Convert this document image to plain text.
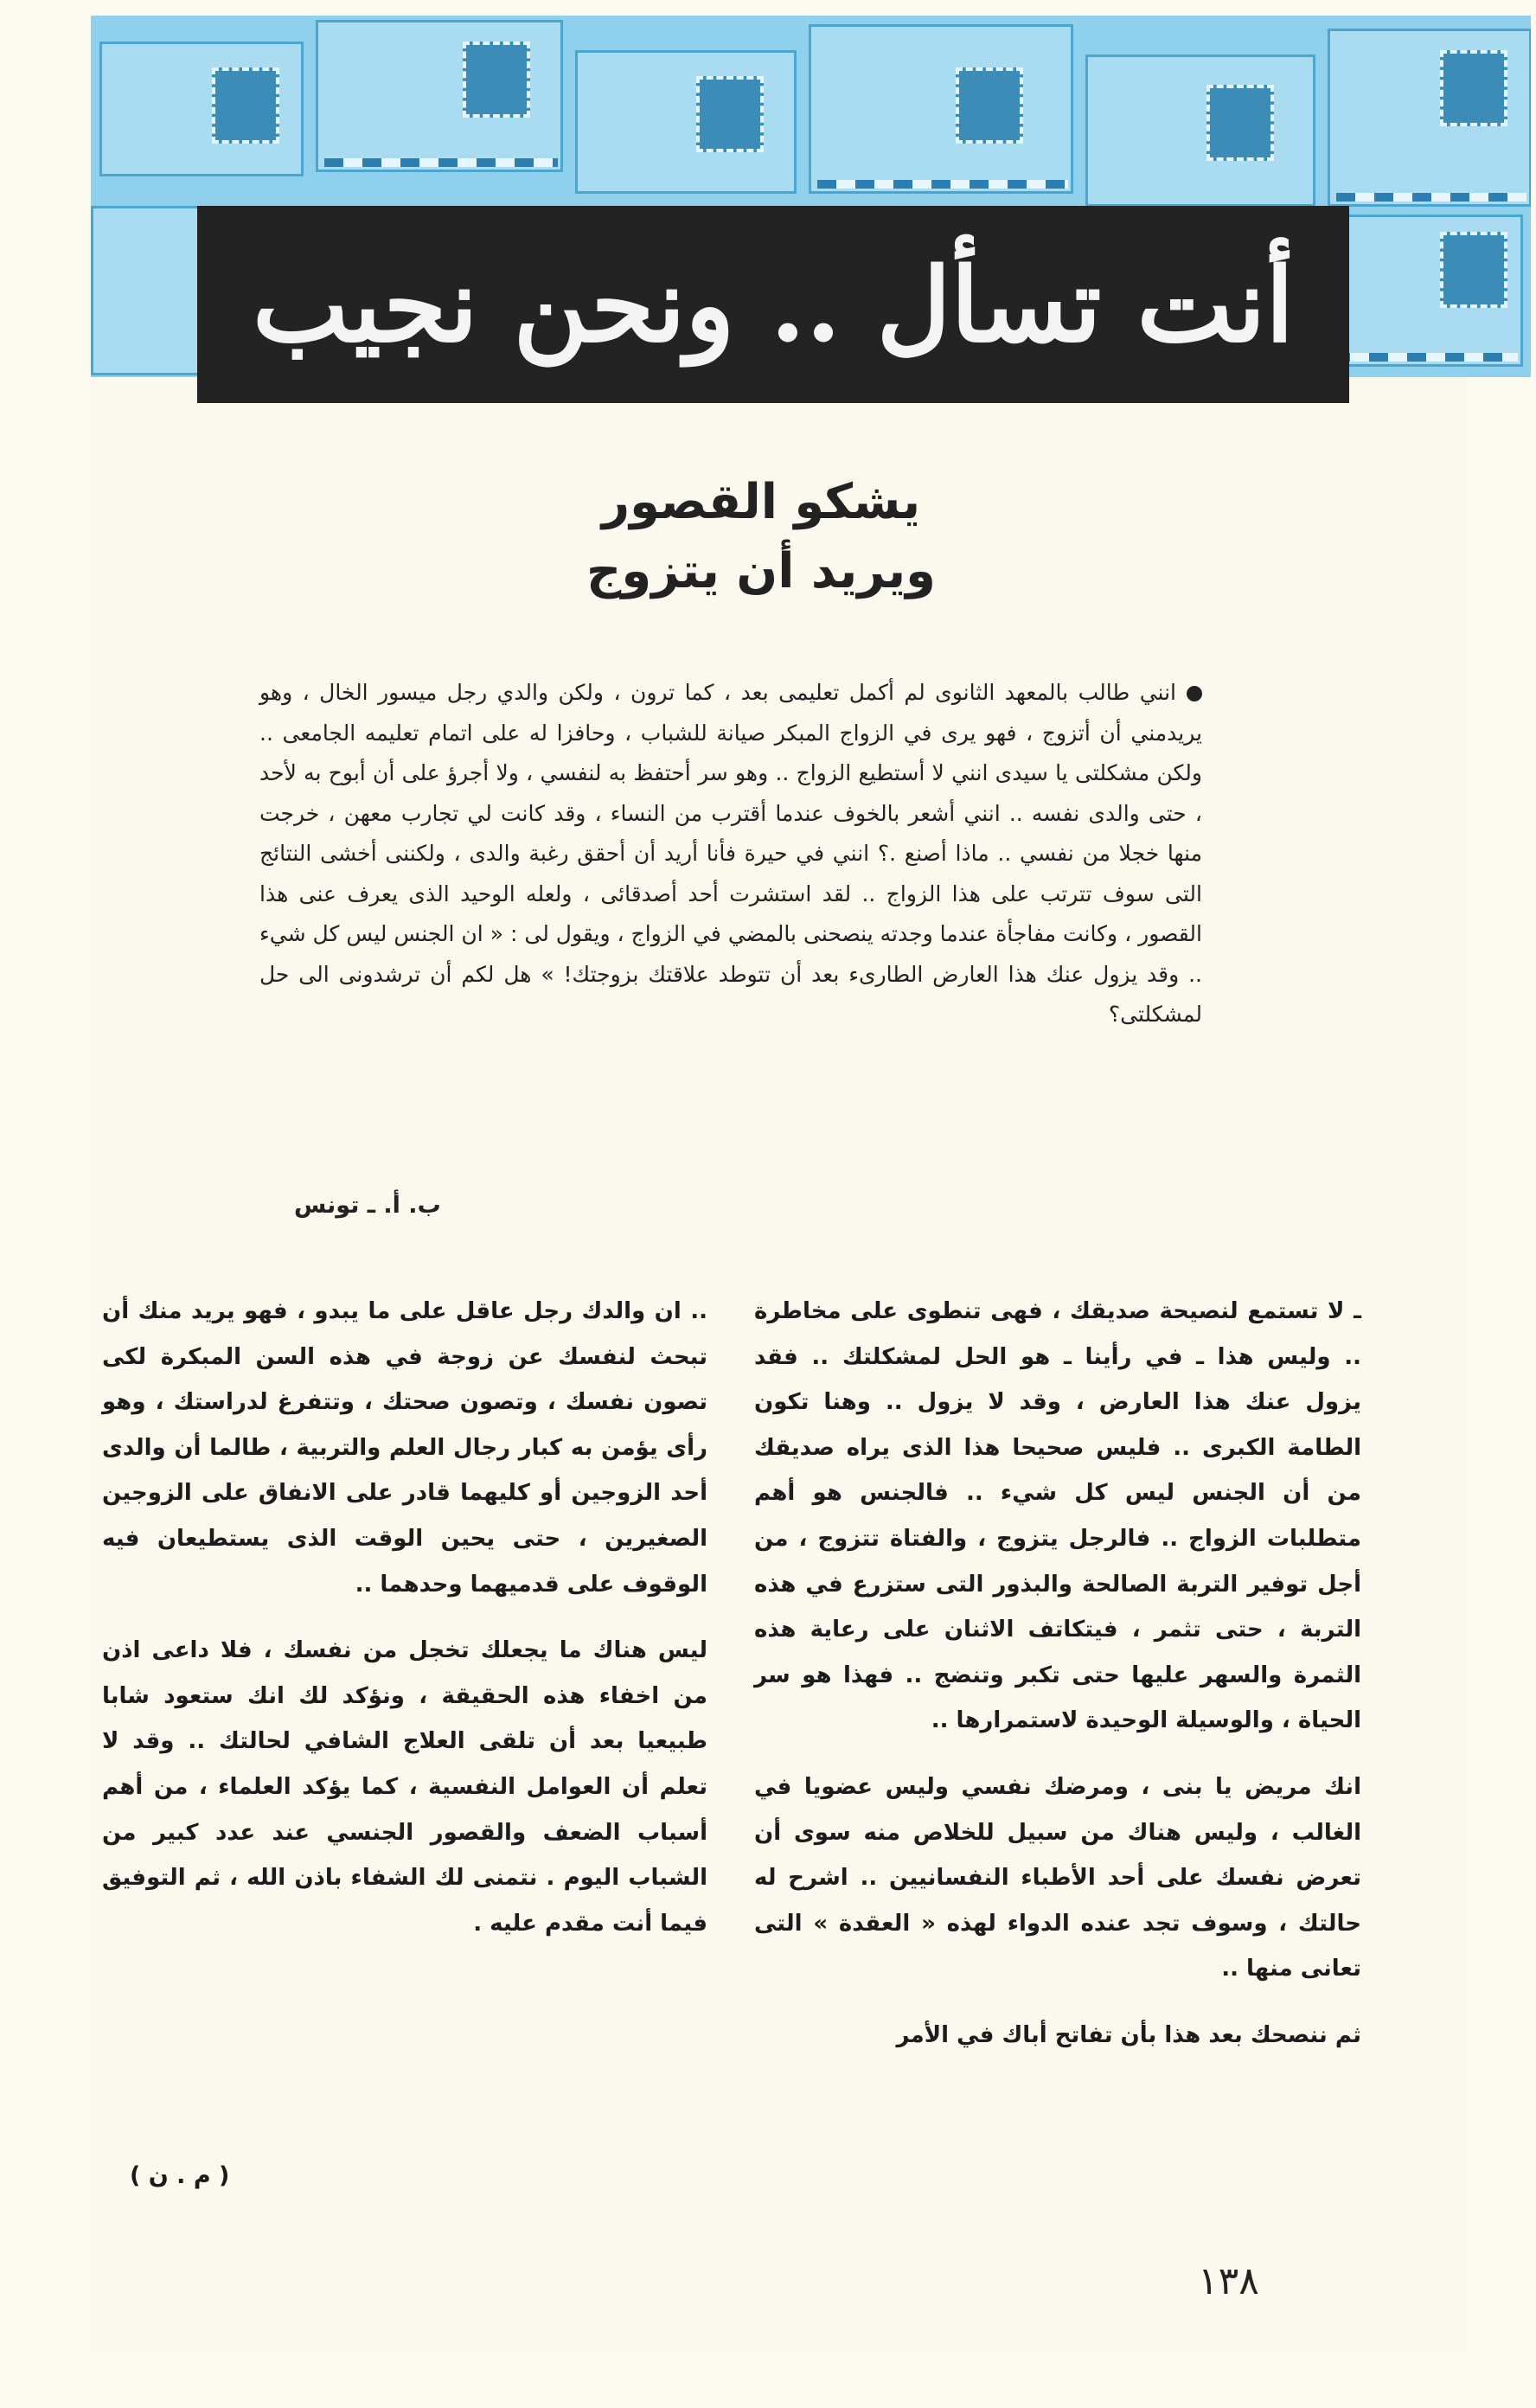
أنت تسأل .. ونحن نجيب
يشكو القصور
ويريد أن يتزوج
انني طالب بالمعهد الثانوى لم أكمل تعليمى بعد ، كما ترون ، ولكن والدي رجل ميسور الخال ، وهو يريدمني أن أتزوج ، فهو يرى في الزواج المبكر صيانة للشباب ، وحافزا له على اتمام تعليمه الجامعى .. ولكن مشكلتى يا سيدى انني لا أستطيع الزواج .. وهو سر أحتفظ به لنفسي ، ولا أجرؤ على أن أبوح به لأحد ، حتى والدى نفسه .. انني أشعر بالخوف عندما أقترب من النساء ، وقد كانت لي تجارب معهن ، خرجت منها خجلا من نفسي .. ماذا أصنع .؟ انني في حيرة فأنا أريد أن أحقق رغبة والدى ، ولكننى أخشى النتائج التى سوف تترتب على هذا الزواج .. لقد استشرت أحد أصدقائى ، ولعله الوحيد الذى يعرف عنى هذا القصور ، وكانت مفاجأة عندما وجدته ينصحنى بالمضي في الزواج ، ويقول لى : « ان الجنس ليس كل شيء .. وقد يزول عنك هذا العارض الطارىء بعد أن تتوطد علاقتك بزوجتك! » هل لكم أن ترشدونى الى حل لمشكلتى؟
ب. أ. ـ تونس

ـ لا تستمع لنصيحة صديقك ، فهى تنطوى على مخاطرة .. وليس هذا ـ في رأينا ـ هو الحل لمشكلتك .. فقد يزول عنك هذا العارض ، وقد لا يزول .. وهنا تكون الطامة الكبرى .. فليس صحيحا هذا الذى يراه صديقك من أن الجنس ليس كل شيء .. فالجنس هو أهم متطلبات الزواج .. فالرجل يتزوج ، والفتاة تتزوج ، من أجل توفير التربة الصالحة والبذور التى ستزرع في هذه التربة ، حتى تثمر ، فيتكاتف الاثنان على رعاية هذه الثمرة والسهر عليها حتى تكبر وتنضج .. فهذا هو سر الحياة ، والوسيلة الوحيدة لاستمرارها ..

انك مريض يا بنى ، ومرضك نفسي وليس عضويا في الغالب ، وليس هناك من سبيل للخلاص منه سوى أن تعرض نفسك على أحد الأطباء النفسانيين .. اشرح له حالتك ، وسوف تجد عنده الدواء لهذه « العقدة » التى تعانى منها ..

ثم ننصحك بعد هذا بأن تفاتح أباك في الأمر

.. ان والدك رجل عاقل على ما يبدو ، فهو يريد منك أن تبحث لنفسك عن زوجة في هذه السن المبكرة لكى تصون نفسك ، وتصون صحتك ، وتتفرغ لدراستك ، وهو رأى يؤمن به كبار رجال العلم والتربية ، طالما أن والدى أحد الزوجين أو كليهما قادر على الانفاق على الزوجين الصغيرين ، حتى يحين الوقت الذى يستطيعان فيه الوقوف على قدميهما وحدهما ..

ليس هناك ما يجعلك تخجل من نفسك ، فلا داعى اذن من اخفاء هذه الحقيقة ، ونؤكد لك انك ستعود شابا طبيعيا بعد أن تلقى العلاج الشافي لحالتك .. وقد لا تعلم أن العوامل النفسية ، كما يؤكد العلماء ، من أهم أسباب الضعف والقصور الجنسي عند عدد كبير من الشباب اليوم . نتمنى لك الشفاء باذن الله ، ثم التوفيق فيما أنت مقدم عليه .

( م . ن )
١٣٨
